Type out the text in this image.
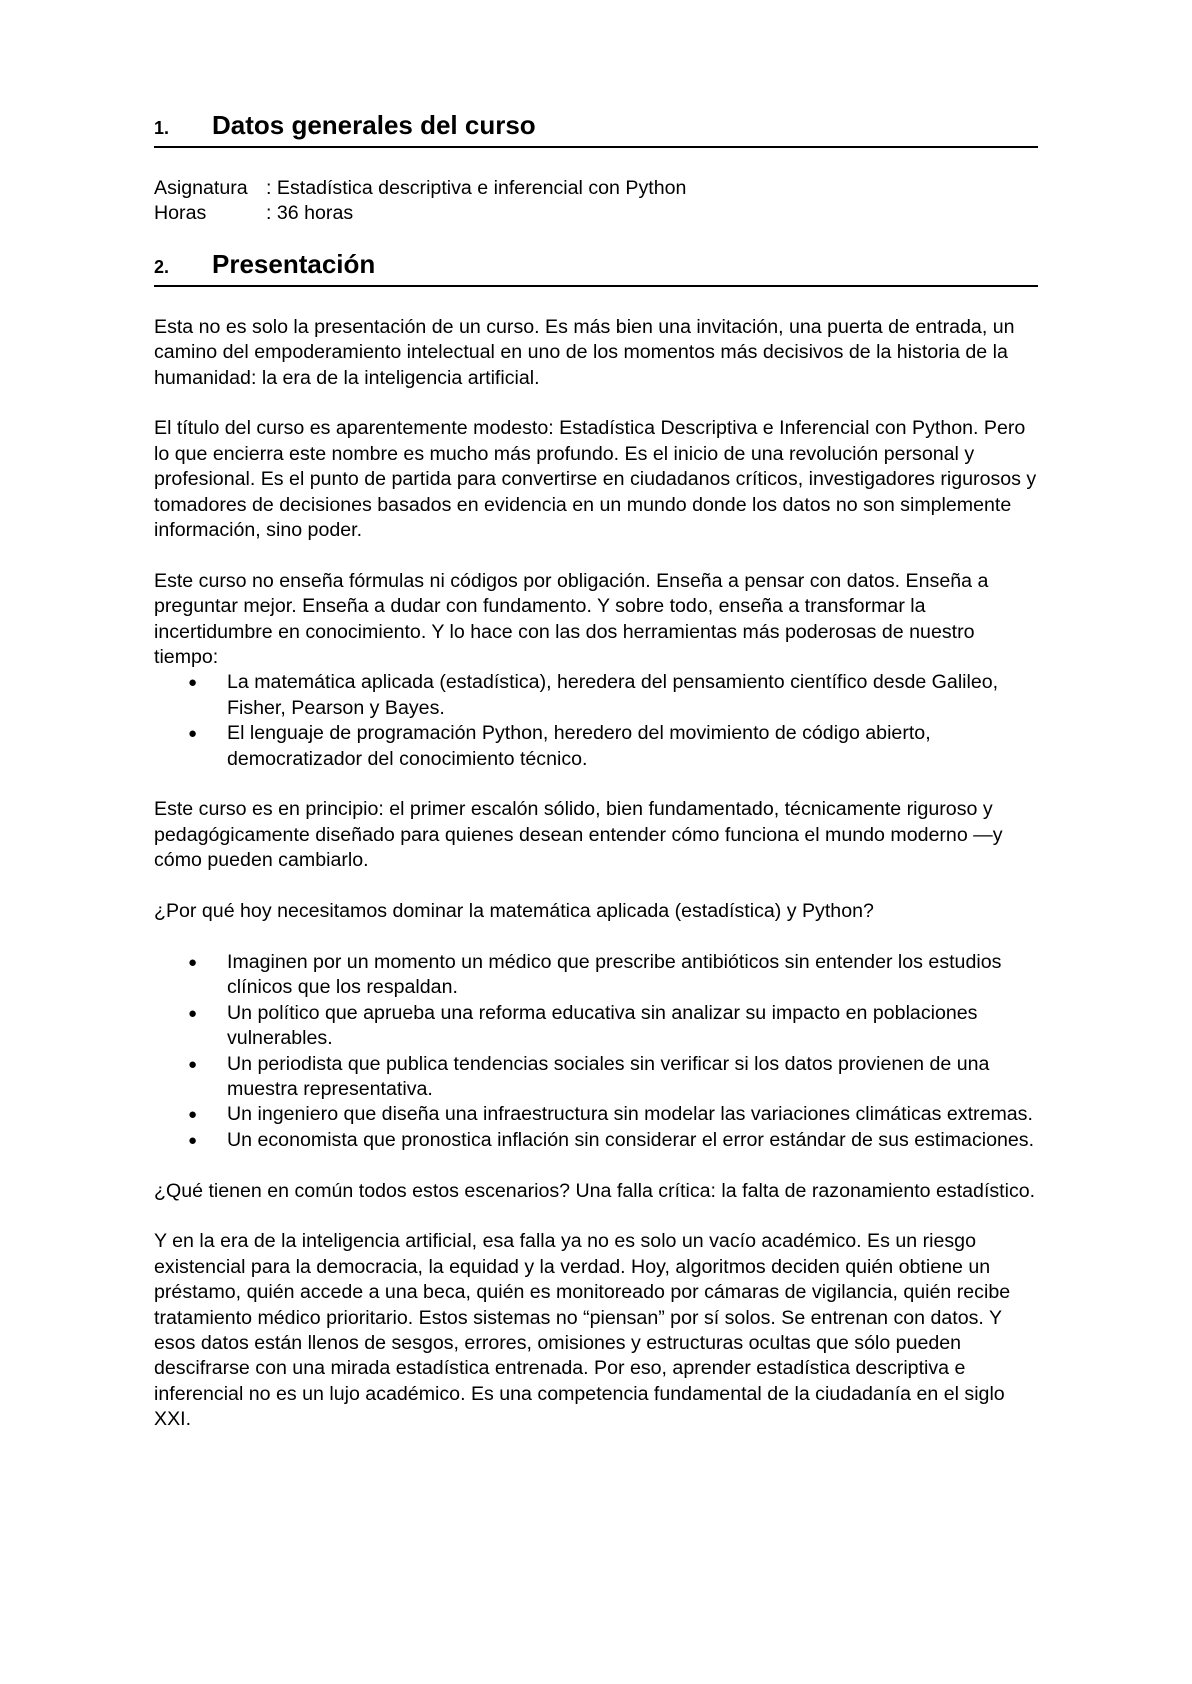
1. Datos generales del curso
Asignatura : Estadística descriptiva e inferencial con Python
Horas	: 36 horas
2. Presentación

Esta no es solo la presentación de un curso. Es más bien una invitación, una puerta de entrada, un camino del empoderamiento intelectual en uno de los momentos más decisivos de la historia de la humanidad: la era de la inteligencia artificial.

El título del curso es aparentemente modesto: Estadística Descriptiva e Inferencial con Python. Pero lo que encierra este nombre es mucho más profundo. Es el inicio de una revolución personal y profesional. Es el punto de partida para convertirse en ciudadanos críticos, investigadores rigurosos y tomadores de decisiones basados en evidencia en un mundo donde los datos no son simplemente información, sino poder.

Este curso no enseña fórmulas ni códigos por obligación. Enseña a pensar con datos. Enseña a preguntar mejor. Enseña a dudar con fundamento. Y sobre todo, enseña a transformar la incertidumbre en conocimiento. Y lo hace con las dos herramientas más poderosas de nuestro tiempo:

● La matemática aplicada (estadística), heredera del pensamiento científico desde Galileo, Fisher, Pearson y Bayes.
● El lenguaje de programación Python, heredero del movimiento de código abierto, democratizador del conocimiento técnico.

Este curso es en principio: el primer escalón sólido, bien fundamentado, técnicamente riguroso y pedagógicamente diseñado para quienes desean entender cómo funciona el mundo moderno —y cómo pueden cambiarlo.

¿Por qué hoy necesitamos dominar la matemática aplicada (estadística) y Python?

● Imaginen por un momento un médico que prescribe antibióticos sin entender los estudios clínicos que los respaldan.
● Un político que aprueba una reforma educativa sin analizar su impacto en poblaciones vulnerables.
● Un periodista que publica tendencias sociales sin verificar si los datos provienen de una muestra representativa.
● Un ingeniero que diseña una infraestructura sin modelar las variaciones climáticas extremas.
● Un economista que pronostica inflación sin considerar el error estándar de sus estimaciones.

¿Qué tienen en común todos estos escenarios? Una falla crítica: la falta de razonamiento estadístico.

Y en la era de la inteligencia artificial, esa falla ya no es solo un vacío académico. Es un riesgo existencial para la democracia, la equidad y la verdad. Hoy, algoritmos deciden quién obtiene un préstamo, quién accede a una beca, quién es monitoreado por cámaras de vigilancia, quién recibe tratamiento médico prioritario. Estos sistemas no “piensan” por sí solos. Se entrenan con datos. Y esos datos están llenos de sesgos, errores, omisiones y estructuras ocultas que sólo pueden descifrarse con una mirada estadística entrenada. Por eso, aprender estadística descriptiva e inferencial no es un lujo académico. Es una competencia fundamental de la ciudadanía en el siglo XXI.
